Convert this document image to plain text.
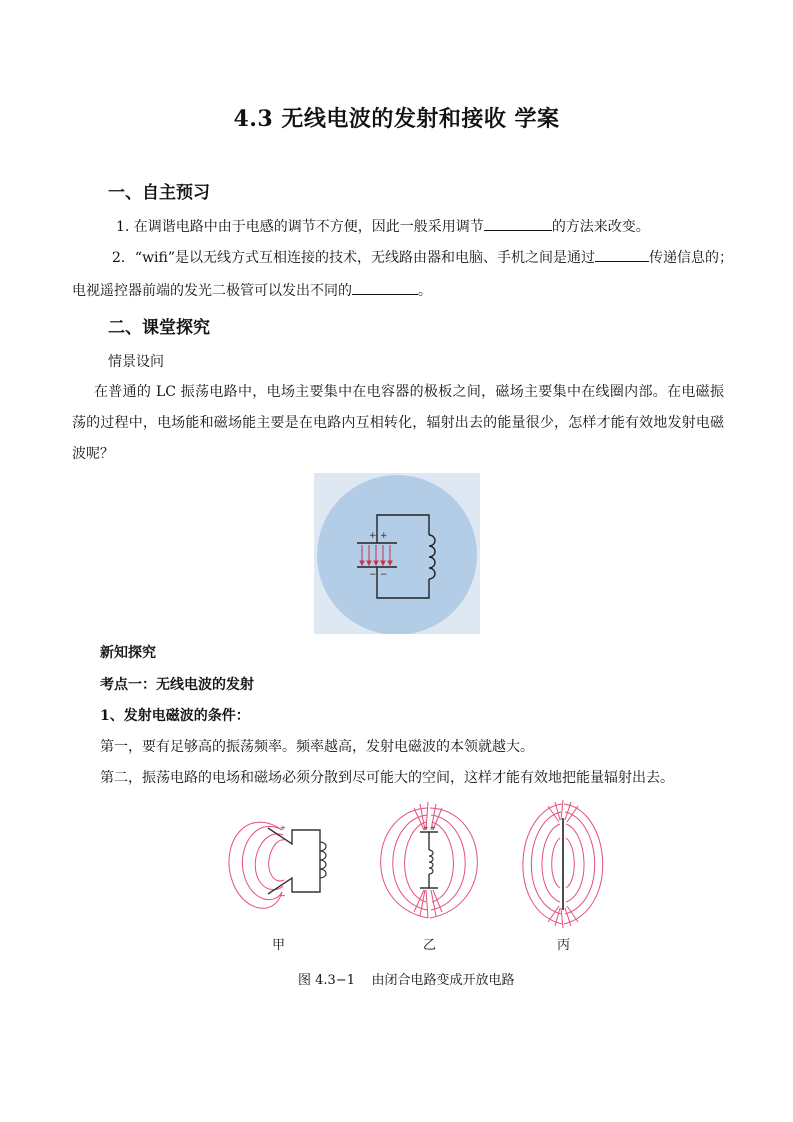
4.3 无线电波的发射和接收 学案
一、自主预习
1. 在调谐电路中由于电感的调节不方便，因此一般采用调节	的方法来改变。
2．“wifi”是以无线方式互相连接的技术，无线路由器和电脑、手机之间是通过	传递信息的；
电视遥控器前端的发光二极管可以发出不同的	。
二、课堂探究
情景设问
在普通的 LC 振荡电路中，电场主要集中在电容器的极板之间，磁场主要集中在线圈内部。在电磁振荡的过程中，电场能和磁场能主要是在电路内互相转化，辐射出去的能量很少，怎样才能有效地发射电磁波呢？
+ +
− −
新知探究
考点一：无线电波的发射
1、发射电磁波的条件：
第一，要有足够高的振荡频率。频率越高，发射电磁波的本领就越大。
第二，振荡电路的电场和磁场必须分散到尽可能大的空间，这样才能有效地把能量辐射出去。
+
−
+ +
甲	乙	丙
图 4.3−1    由闭合电路变成开放电路
